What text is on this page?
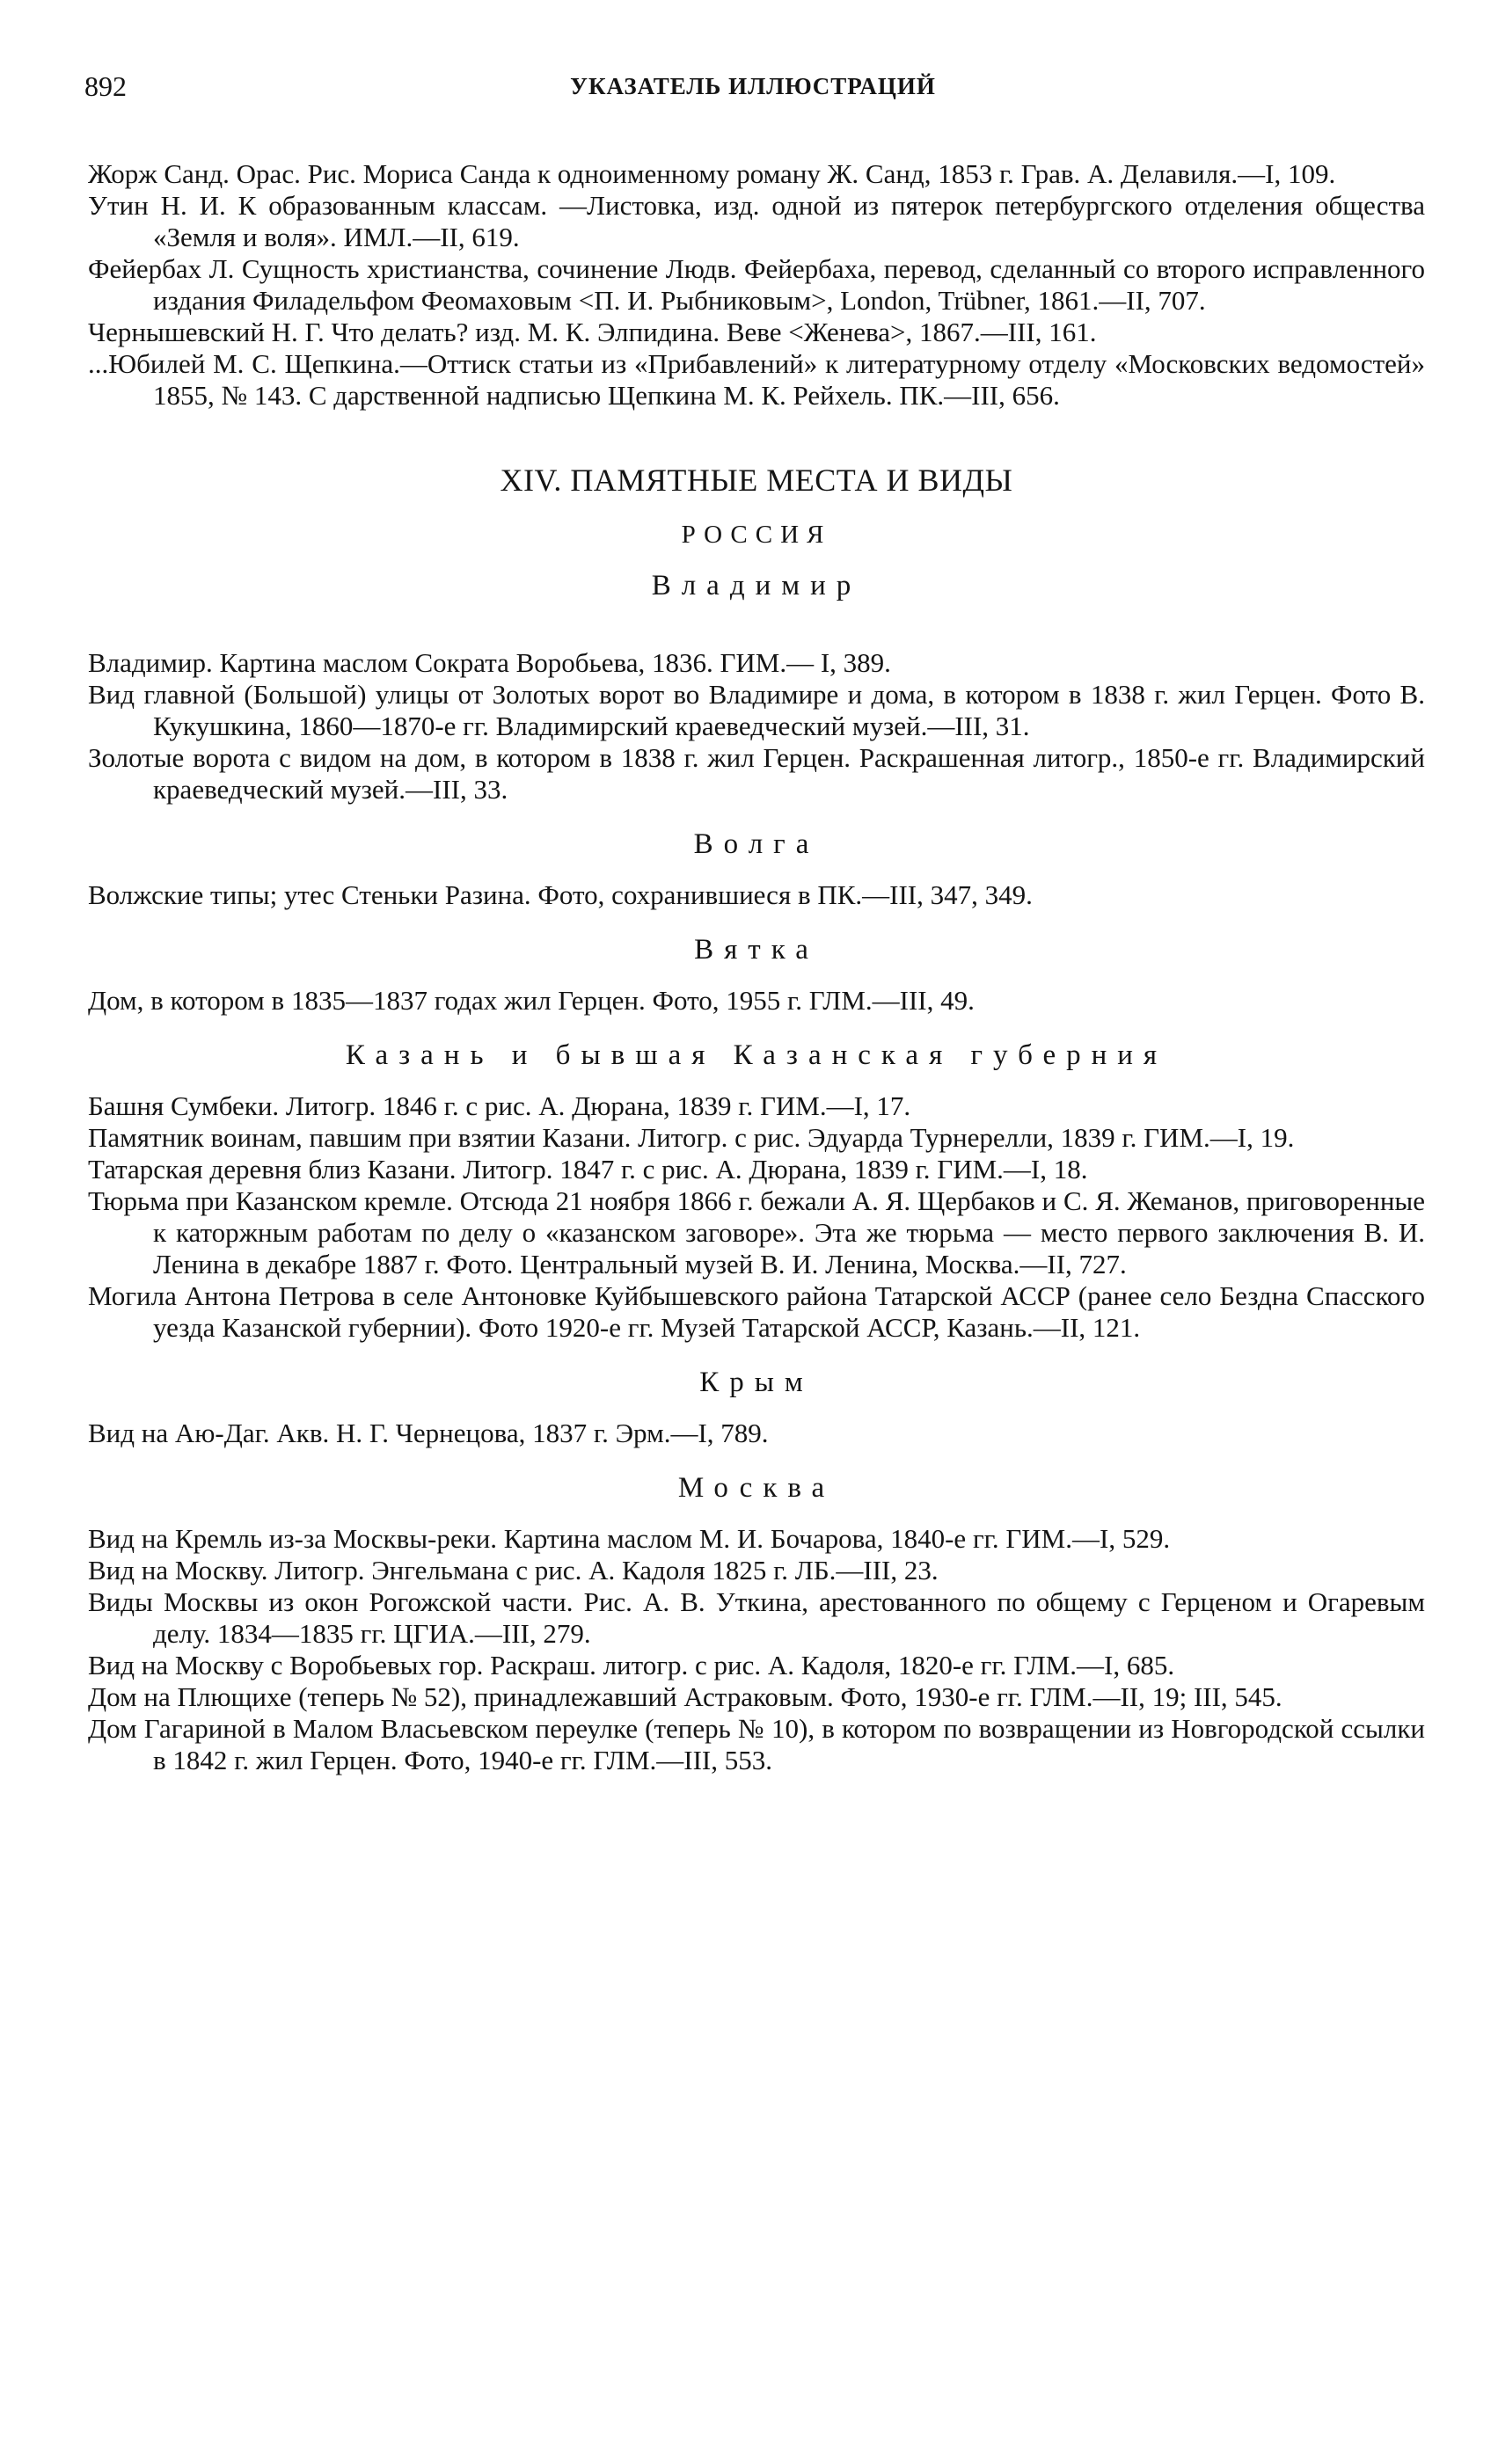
УКАЗАТЕЛЬ ИЛЛЮСТРАЦИЙ
892

Жорж Санд. Орас. Рис. Мориса Санда к одноименному роману Ж. Санд, 1853 г. Грав. А. Делавиля.—I, 109.

Утин Н. И. К образованным классам. —Листовка, изд. одной из пятерок петербургского отделения общества «Земля и воля». ИМЛ.—II, 619.

Фейербах Л. Сущность христианства, сочинение Людв. Фейербаха, перевод, сделанный со второго исправленного издания Филадельфом Феомаховым <П. И. Рыбниковым>, London, Trübner, 1861.—II, 707.

Чернышевский Н. Г. Что делать? изд. М. К. Элпидина. Веве <Женева>, 1867.—III, 161.

...Юбилей М. С. Щепкина.—Оттиск статьи из «Прибавлений» к литературному отделу «Московских ведомостей» 1855, № 143. С дарственной надписью Щепкина М. К. Рейхель. ПК.—III, 656.

XIV. ПАМЯТНЫЕ МЕСТА И ВИДЫ
РОССИЯ
Владимир

Владимир. Картина маслом Сократа Воробьева, 1836. ГИМ.— I, 389.

Вид главной (Большой) улицы от Золотых ворот во Владимире и дома, в котором в 1838 г. жил Герцен. Фото В. Кукушкина, 1860—1870-е гг. Владимирский краеведческий музей.—III, 31.

Золотые ворота с видом на дом, в котором в 1838 г. жил Герцен. Раскрашенная литогр., 1850-е гг. Владимирский краеведческий музей.—III, 33.

Волга

Волжские типы; утес Стеньки Разина. Фото, сохранившиеся в ПК.—III, 347, 349.

Вятка

Дом, в котором в 1835—1837 годах жил Герцен. Фото, 1955 г. ГЛМ.—III, 49.

Казань и бывшая Казанская губерния

Башня Сумбеки. Литогр. 1846 г. с рис. А. Дюрана, 1839 г. ГИМ.—I, 17.

Памятник воинам, павшим при взятии Казани. Литогр. с рис. Эдуарда Турнерелли, 1839 г. ГИМ.—I, 19.

Татарская деревня близ Казани. Литогр. 1847 г. с рис. А. Дюрана, 1839 г. ГИМ.—I, 18.

Тюрьма при Казанском кремле. Отсюда 21 ноября 1866 г. бежали А. Я. Щербаков и С. Я. Жеманов, приговоренные к каторжным работам по делу о «казанском заговоре». Эта же тюрьма — место первого заключения В. И. Ленина в декабре 1887 г. Фото. Центральный музей В. И. Ленина, Москва.—II, 727.

Могила Антона Петрова в селе Антоновке Куйбышевского района Татарской АССР (ранее село Бездна Спасского уезда Казанской губернии). Фото 1920-е гг. Музей Татарской АССР, Казань.—II, 121.

Крым

Вид на Аю-Даг. Акв. Н. Г. Чернецова, 1837 г. Эрм.—I, 789.

Москва

Вид на Кремль из-за Москвы-реки. Картина маслом М. И. Бочарова, 1840-е гг. ГИМ.—I, 529.

Вид на Москву. Литогр. Энгельмана с рис. А. Кадоля 1825 г. ЛБ.—III, 23.

Виды Москвы из окон Рогожской части. Рис. А. В. Уткина, арестованного по общему с Герценом и Огаревым делу. 1834—1835 гг. ЦГИА.—III, 279.

Вид на Москву с Воробьевых гор. Раскраш. литогр. с рис. А. Кадоля, 1820-е гг. ГЛМ.—I, 685.

Дом на Плющихе (теперь № 52), принадлежавший Астраковым. Фото, 1930-е гг. ГЛМ.—II, 19; III, 545.

Дом Гагариной в Малом Власьевском переулке (теперь № 10), в котором по возвращении из Новгородской ссылки в 1842 г. жил Герцен. Фото, 1940-е гг. ГЛМ.—III, 553.
